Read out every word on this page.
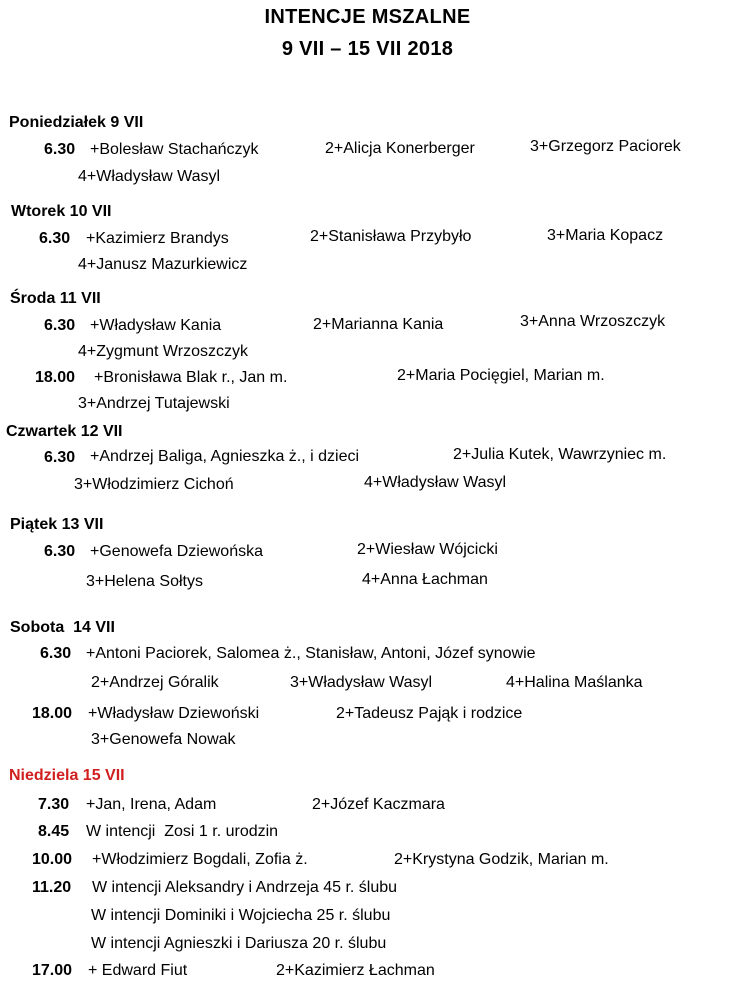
INTENCJE MSZALNE
9 VII – 15 VII 2018
Poniedziałek 9 VII
6.30 +Bolesław Stachańczyk	2+Alicja Konerberger	3+Grzegorz Paciorek
4+Władysław Wasyl
Wtorek 10 VII
6.30 +Kazimierz Brandys	2+Stanisława Przybyło	3+Maria Kopacz
4+Janusz Mazurkiewicz
Środa 11 VII
6.30 +Władysław Kania	2+Marianna Kania	3+Anna Wrzoszczyk
4+Zygmunt Wrzoszczyk
18.00 +Bronisława Blak r., Jan m.	2+Maria Pocięgiel, Marian m.
3+Andrzej Tutajewski
Czwartek 12 VII
6.30 +Andrzej Baliga, Agnieszka ż., i dzieci	2+Julia Kutek, Wawrzyniec m.
3+Włodzimierz Cichoń	4+Władysław Wasyl
Piątek 13 VII
6.30 +Genowefa Dziewońska	2+Wiesław Wójcicki
3+Helena Sołtys	4+Anna Łachman
Sobota  14 VII
6.30 +Antoni Paciorek, Salomea ż., Stanisław, Antoni, Józef synowie
2+Andrzej Góralik	3+Władysław Wasyl	4+Halina Maślanka
18.00 +Władysław Dziewoński	2+Tadeusz Pająk i rodzice
3+Genowefa Nowak
Niedziela 15 VII
7.30 +Jan, Irena, Adam	2+Józef Kaczmara
8.45 W intencji  Zosi 1 r. urodzin
10.00 +Włodzimierz Bogdali, Zofia ż.	2+Krystyna Godzik, Marian m.
11.20 W intencji Aleksandry i Andrzeja 45 r. ślubu
W intencji Dominiki i Wojciecha 25 r. ślubu
W intencji Agnieszki i Dariusza 20 r. ślubu
17.00 + Edward Fiut	2+Kazimierz Łachman
